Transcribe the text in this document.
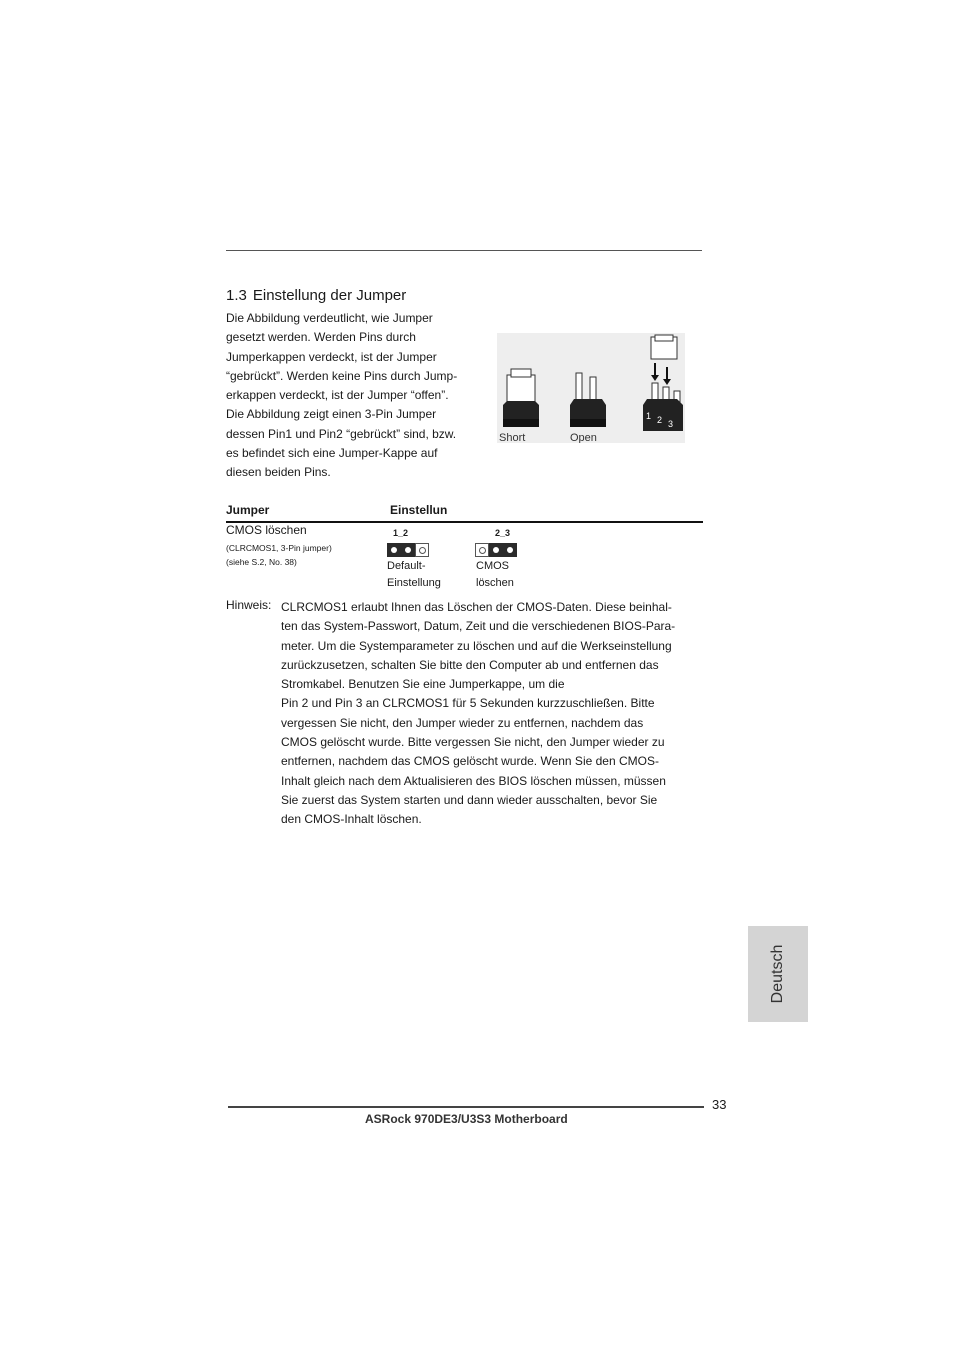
1.3 Einstellung der Jumper
Die Abbildung verdeutlicht, wie Jumper
gesetzt werden. Werden Pins durch
Jumperkappen verdeckt, ist der Jumper
“gebrückt”. Werden keine Pins durch Jump-
erkappen verdeckt, ist der Jumper “offen”.
Die Abbildung zeigt einen 3-Pin Jumper
dessen Pin1 und Pin2 “gebrückt” sind, bzw.
es befindet sich eine Jumper-Kappe auf
diesen beiden Pins.
Short	Open
1 2 3
Jumper	Einstellun
CMOS löschen
(CLRCMOS1, 3-Pin jumper)
(siehe S.2, No. 38)
1_2
Default-
Einstellung
2_3
CMOS
löschen
Hinweis: CLRCMOS1 erlaubt Ihnen das Löschen der CMOS-Daten. Diese beinhal-
ten das System-Passwort, Datum, Zeit und die verschiedenen BIOS-Para-
meter. Um die Systemparameter zu löschen und auf die Werkseinstellung
zurückzusetzen, schalten Sie bitte den Computer ab und entfernen das
Stromkabel. Benutzen Sie eine Jumperkappe, um die
Pin 2 und Pin 3 an CLRCMOS1 für 5 Sekunden kurzzuschließen. Bitte
vergessen Sie nicht, den Jumper wieder zu entfernen, nachdem das
CMOS gelöscht wurde. Bitte vergessen Sie nicht, den Jumper wieder zu
entfernen, nachdem das CMOS gelöscht wurde. Wenn Sie den CMOS-
Inhalt gleich nach dem Aktualisieren des BIOS löschen müssen, müssen
Sie zuerst das System starten und dann wieder ausschalten, bevor Sie
den CMOS-Inhalt löschen.
Deutsch
33
ASRock 970DE3/U3S3 Motherboard
